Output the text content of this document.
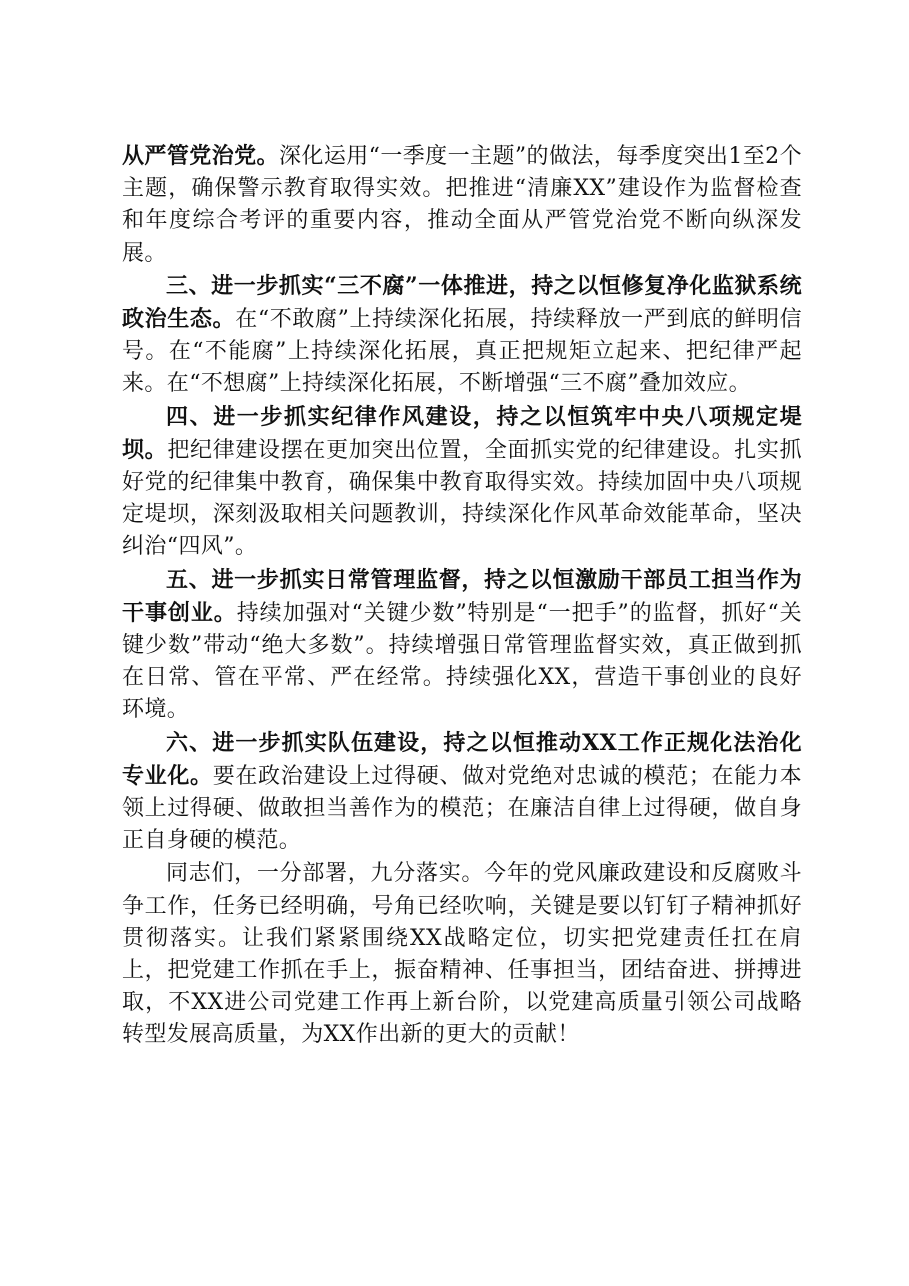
从严管党治党。深化运用“一季度一主题”的做法，每季度突出1至2个主题，确保警示教育取得实效。把推进“清廉XX”建设作为监督检查和年度综合考评的重要内容，推动全面从严管党治党不断向纵深发展。

三、进一步抓实“三不腐”一体推进，持之以恒修复净化监狱系统政治生态。在“不敢腐”上持续深化拓展，持续释放一严到底的鲜明信号。在“不能腐”上持续深化拓展，真正把规矩立起来、把纪律严起来。在“不想腐”上持续深化拓展，不断增强“三不腐”叠加效应。

四、进一步抓实纪律作风建设，持之以恒筑牢中央八项规定堤坝。把纪律建设摆在更加突出位置，全面抓实党的纪律建设。扎实抓好党的纪律集中教育，确保集中教育取得实效。持续加固中央八项规定堤坝，深刻汲取相关问题教训，持续深化作风革命效能革命，坚决纠治“四风”。

五、进一步抓实日常管理监督，持之以恒激励干部员工担当作为干事创业。持续加强对“关键少数”特别是“一把手”的监督，抓好“关键少数”带动“绝大多数”。持续增强日常管理监督实效，真正做到抓在日常、管在平常、严在经常。持续强化XX，营造干事创业的良好环境。

六、进一步抓实队伍建设，持之以恒推动XX工作正规化法治化专业化。要在政治建设上过得硬、做对党绝对忠诚的模范；在能力本领上过得硬、做敢担当善作为的模范；在廉洁自律上过得硬，做自身正自身硬的模范。

同志们，一分部署，九分落实。今年的党风廉政建设和反腐败斗争工作，任务已经明确，号角已经吹响，关键是要以钉钉子精神抓好贯彻落实。让我们紧紧围绕XX战略定位，切实把党建责任扛在肩上，把党建工作抓在手上，振奋精神、任事担当，团结奋进、拼搏进取，不XX进公司党建工作再上新台阶，以党建高质量引领公司战略转型发展高质量，为XX作出新的更大的贡献！
